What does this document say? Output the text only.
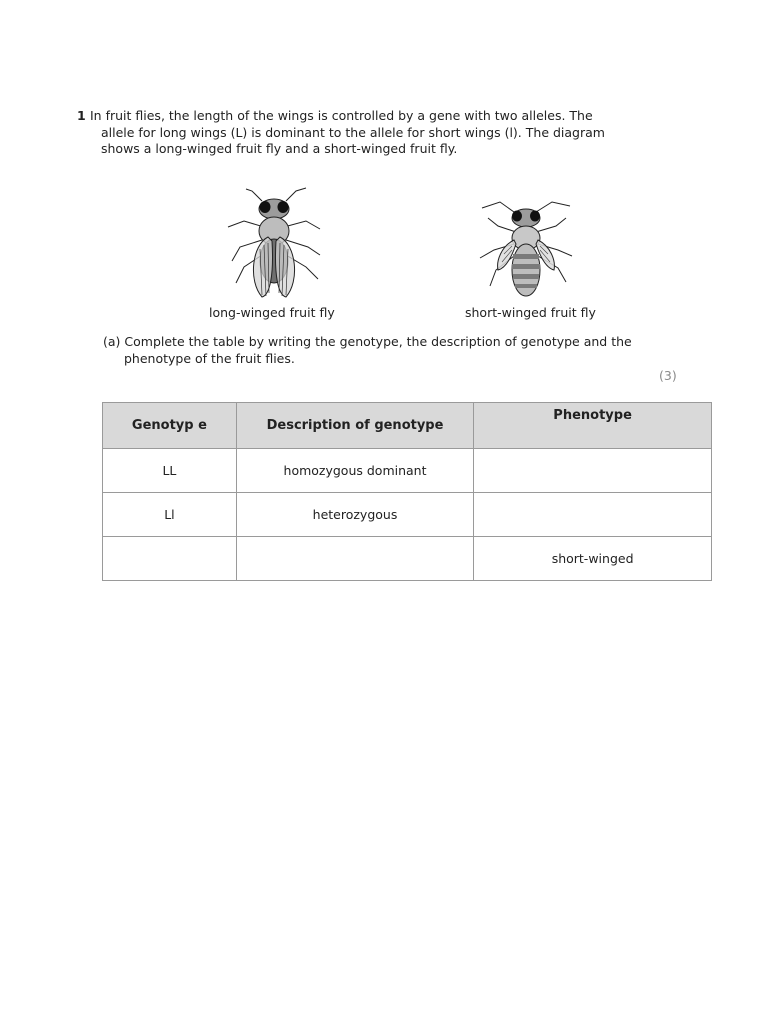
1 In fruit flies, the length of the wings is controlled by a gene with two alleles. The
allele for long wings (L) is dominant to the allele for short wings (l). The diagram
shows a long-winged fruit fly and a short-winged fruit fly.
long-winged fruit fly	short-winged fruit fly
(a) Complete the table by writing the genotype, the description of genotype and the
phenotype of the fruit flies.
(3)
Genotyp e	Description of genotype	Phenotype
LL	homozygous dominant	
Ll	heterozygous	
		short-winged
